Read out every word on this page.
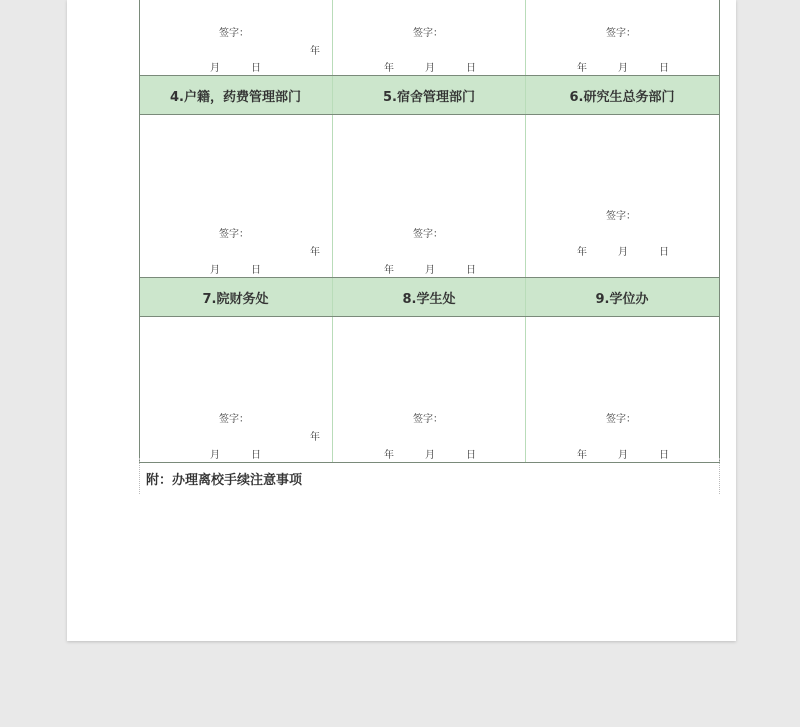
签字：
年
月	日
签字：
年	月	日
签字：
年	月	日
4.户籍，药费管理部门	5.宿舍管理部门	6.研究生总务部门
签字：
年
月	日
签字：
年	月	日
签字：
年	月	日
7.院财务处	8.学生处	9.学位办
签字：
年
月	日
签字：
年	月	日
签字：
年	月	日
附：办理离校手续注意事项
